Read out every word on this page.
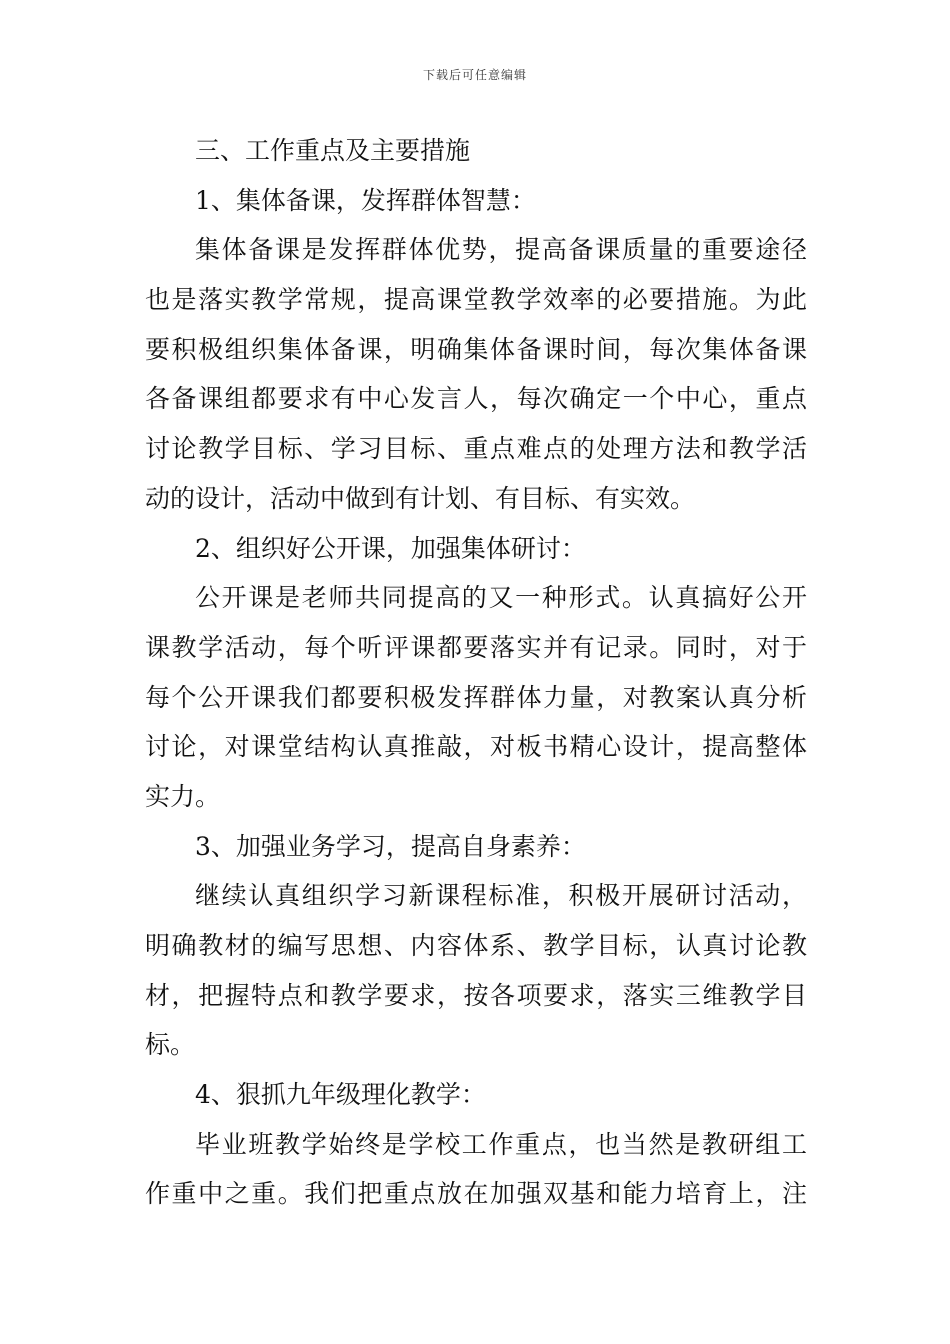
下载后可任意编辑
三、工作重点及主要措施
1、集体备课，发挥群体智慧：
集体备课是发挥群体优势，提高备课质量的重要途径
也是落实教学常规，提高课堂教学效率的必要措施。为此
要积极组织集体备课，明确集体备课时间，每次集体备课
各备课组都要求有中心发言人，每次确定一个中心，重点
讨论教学目标、学习目标、重点难点的处理方法和教学活
动的设计，活动中做到有计划、有目标、有实效。
2、组织好公开课，加强集体研讨：
公开课是老师共同提高的又一种形式。认真搞好公开
课教学活动，每个听评课都要落实并有记录。同时，对于
每个公开课我们都要积极发挥群体力量，对教案认真分析
讨论，对课堂结构认真推敲，对板书精心设计，提高整体
实力。
3、加强业务学习，提高自身素养：
继续认真组织学习新课程标准，积极开展研讨活动，
明确教材的编写思想、内容体系、教学目标，认真讨论教
材，把握特点和教学要求，按各项要求，落实三维教学目
标。
4、狠抓九年级理化教学：
毕业班教学始终是学校工作重点，也当然是教研组工
作重中之重。我们把重点放在加强双基和能力培育上，注
